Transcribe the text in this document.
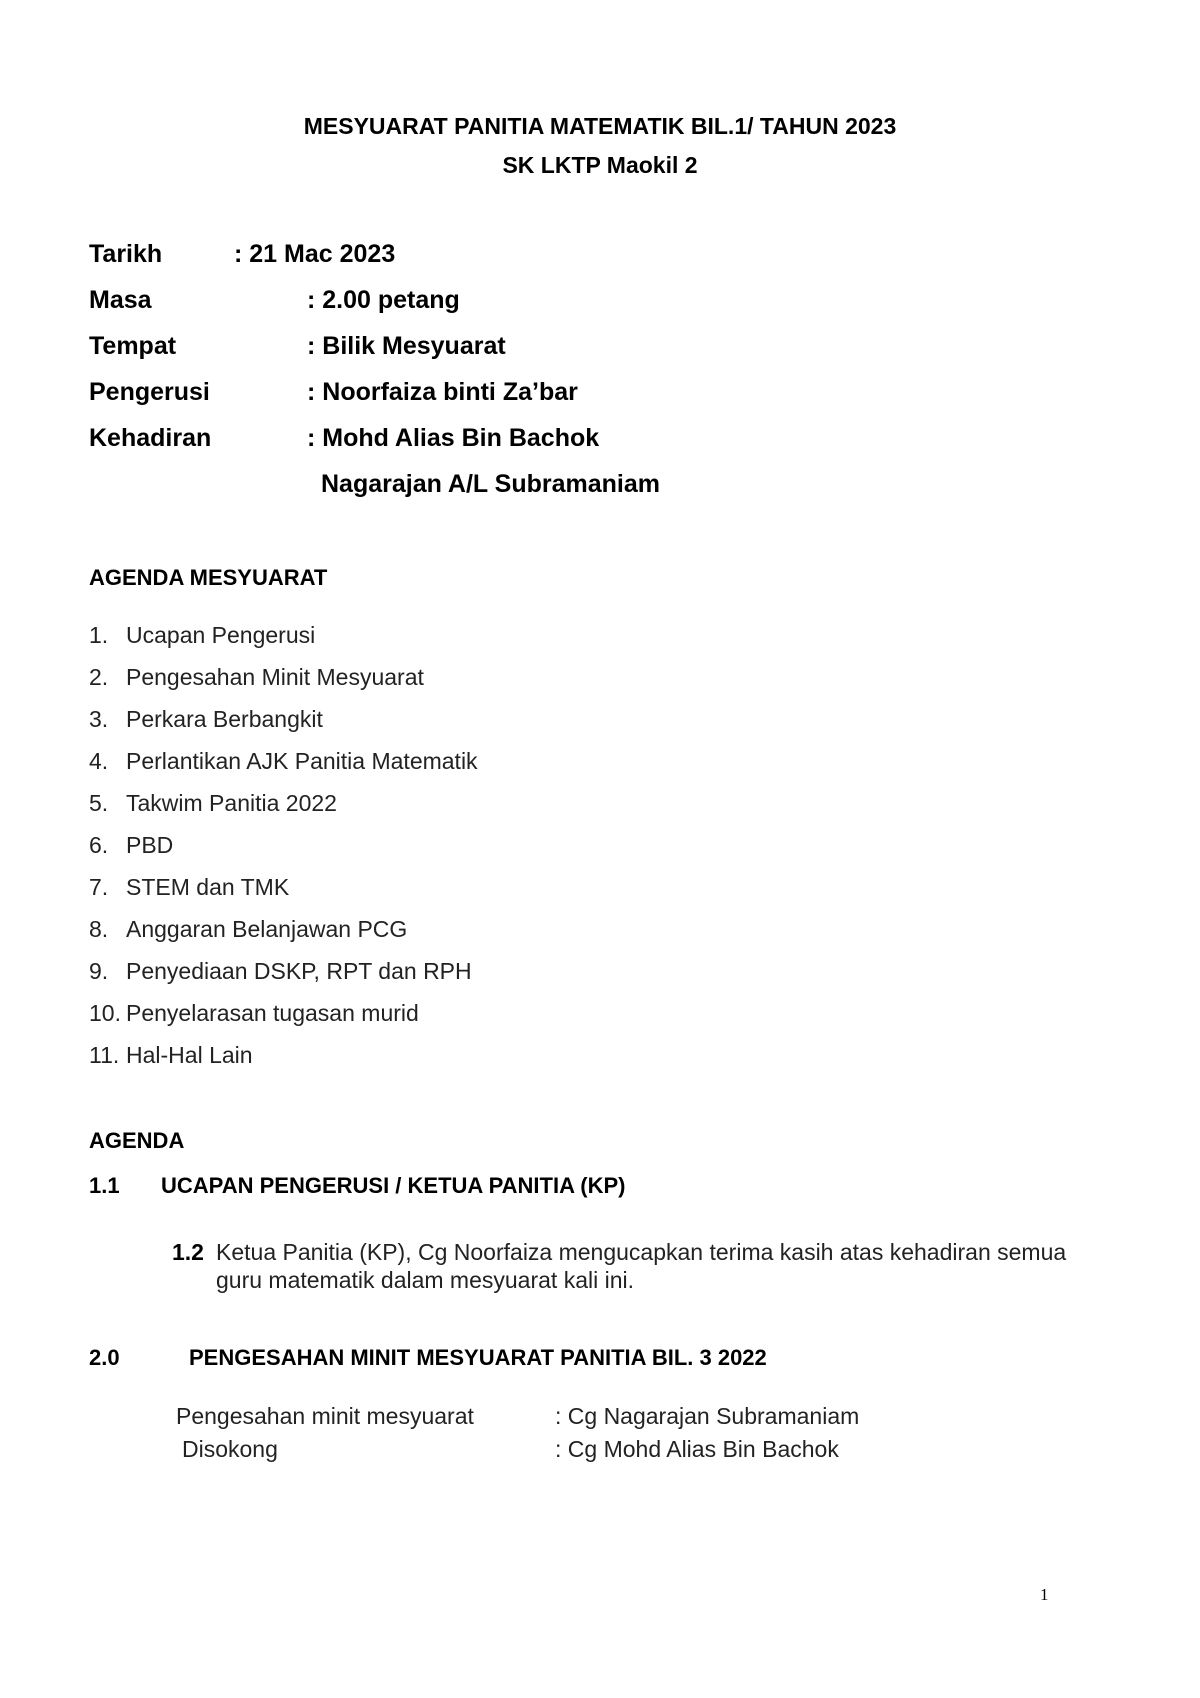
MESYUARAT PANITIA MATEMATIK BIL.1/ TAHUN 2023
SK LKTP Maokil 2
Tarikh	: 21 Mac 2023
Masa	: 2.00 petang
Tempat	: Bilik Mesyuarat
Pengerusi	: Noorfaiza binti Za’bar
Kehadiran	: Mohd Alias Bin Bachok
Nagarajan A/L Subramaniam
AGENDA MESYUARAT
1. Ucapan Pengerusi
2. Pengesahan Minit Mesyuarat
3. Perkara Berbangkit
4. Perlantikan AJK Panitia Matematik
5. Takwim Panitia 2022
6. PBD
7. STEM dan TMK
8. Anggaran Belanjawan PCG
9. Penyediaan DSKP, RPT dan RPH
10. Penyelarasan tugasan murid
11. Hal-Hal Lain
AGENDA
1.1 UCAPAN PENGERUSI / KETUA PANITIA (KP)
1.2 Ketua Panitia (KP), Cg Noorfaiza mengucapkan terima kasih atas kehadiran semua
guru matematik dalam mesyuarat kali ini.
2.0	PENGESAHAN MINIT MESYUARAT PANITIA BIL. 3 2022
Pengesahan minit mesyuarat	: Cg Nagarajan Subramaniam
Disokong	: Cg Mohd Alias Bin Bachok
1
